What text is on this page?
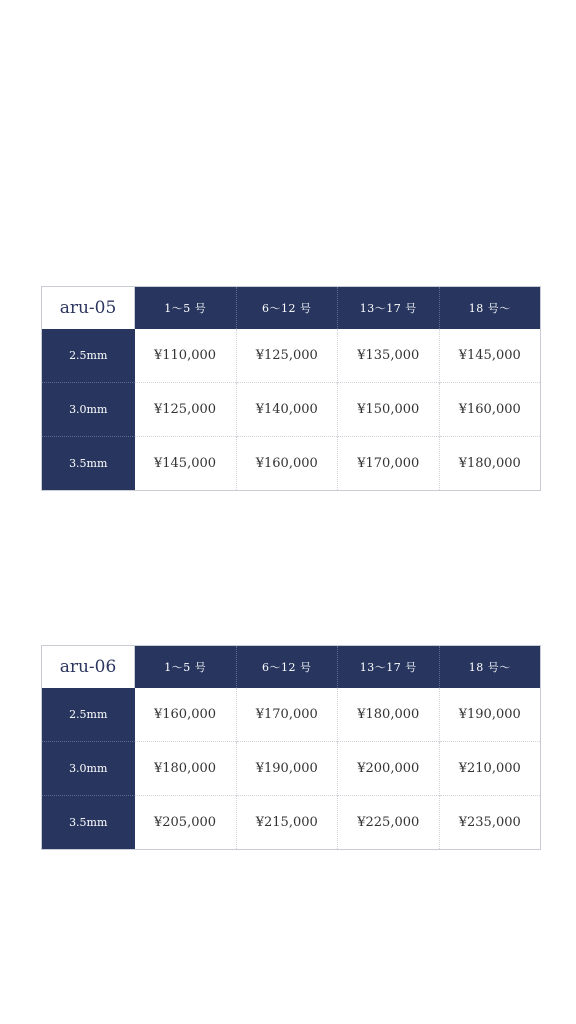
aru-05	1〜5 号	6〜12 号	13〜17 号	18 号〜
2.5mm	¥110,000	¥125,000	¥135,000	¥145,000
3.0mm	¥125,000	¥140,000	¥150,000	¥160,000
3.5mm	¥145,000	¥160,000	¥170,000	¥180,000
aru-06	1〜5 号	6〜12 号	13〜17 号	18 号〜
2.5mm	¥160,000	¥170,000	¥180,000	¥190,000
3.0mm	¥180,000	¥190,000	¥200,000	¥210,000
3.5mm	¥205,000	¥215,000	¥225,000	¥235,000
